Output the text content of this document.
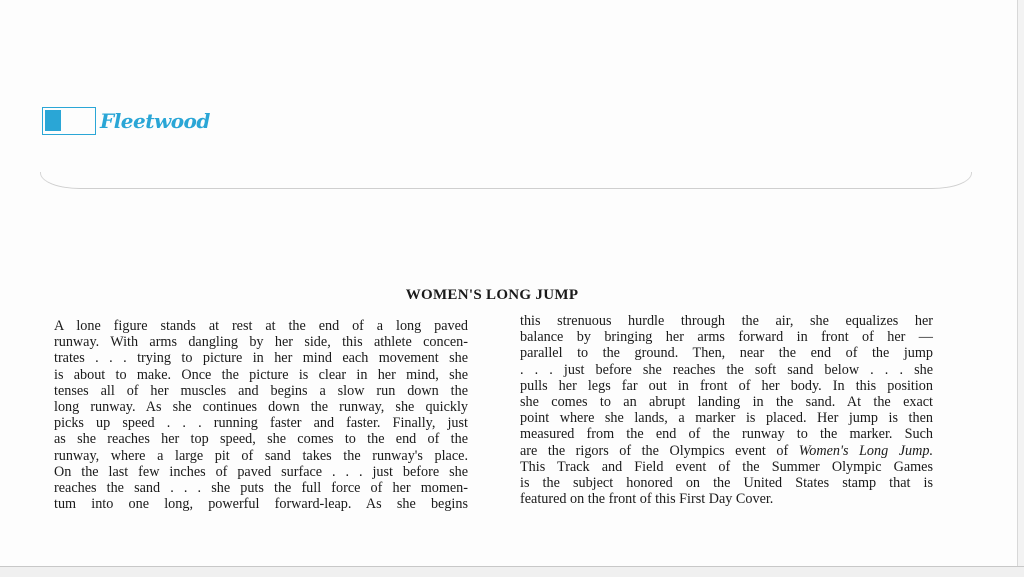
Fleetwood
WOMEN'S LONG JUMP
A lone figure stands at rest at the end of a long paved
runway. With arms dangling by her side, this athlete concen-
trates . . . trying to picture in her mind each movement she
is about to make. Once the picture is clear in her mind, she
tenses all of her muscles and begins a slow run down the
long runway. As she continues down the runway, she quickly
picks up speed . . . running faster and faster. Finally, just
as she reaches her top speed, she comes to the end of the
runway, where a large pit of sand takes the runway's place.
On the last few inches of paved surface . . . just before she
reaches the sand . . . she puts the full force of her momen-
tum into one long, powerful forward-leap. As she begins
this strenuous hurdle through the air, she equalizes her
balance by bringing her arms forward in front of her —
parallel to the ground. Then, near the end of the jump
. . . just before she reaches the soft sand below . . . she
pulls her legs far out in front of her body. In this position
she comes to an abrupt landing in the sand. At the exact
point where she lands, a marker is placed. Her jump is then
measured from the end of the runway to the marker. Such
are the rigors of the Olympics event of Women's Long Jump.
This Track and Field event of the Summer Olympic Games
is the subject honored on the United States stamp that is
featured on the front of this First Day Cover.
